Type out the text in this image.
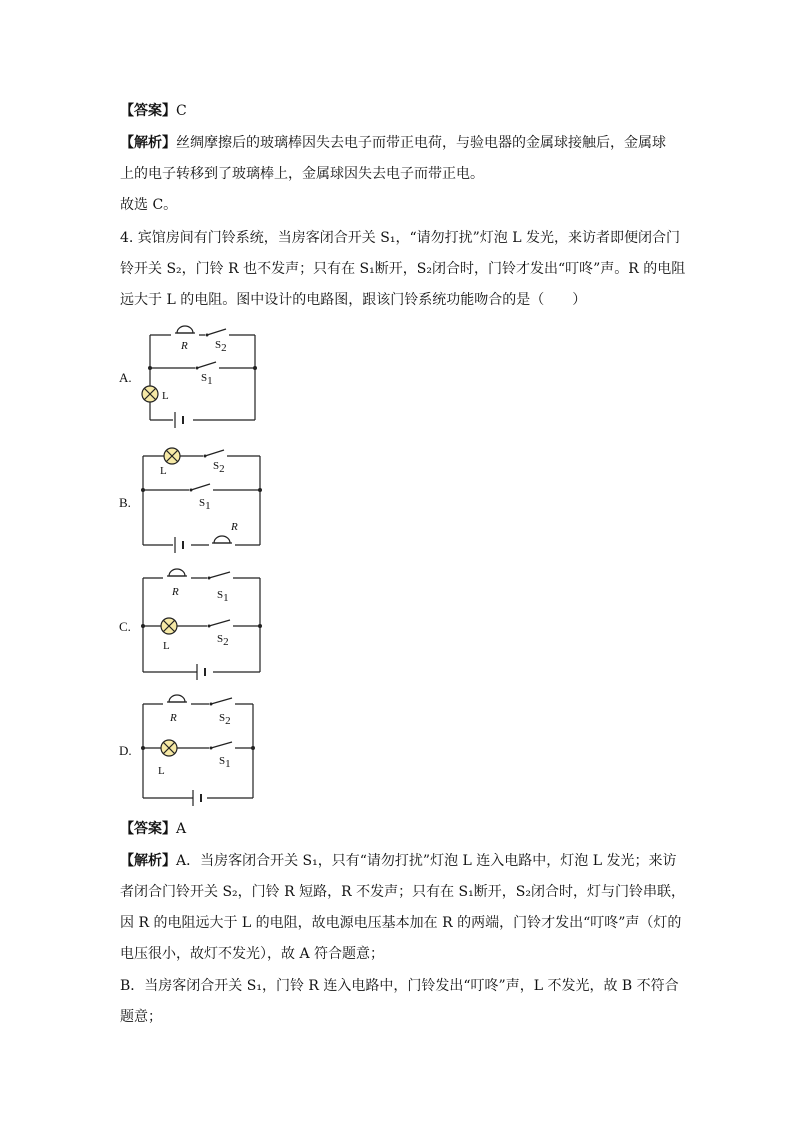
【答案】C
【解析】丝绸摩擦后的玻璃棒因失去电子而带正电荷，与验电器的金属球接触后，金属球
上的电子转移到了玻璃棒上，金属球因失去电子而带正电。
故选 C。
4. 宾馆房间有门铃系统，当房客闭合开关 S₁，“请勿打扰”灯泡 L 发光，来访者即便闭合门
铃开关 S₂，门铃 R 也不发声；只有在 S₁断开，S₂闭合时，门铃才发出“叮咚”声。R 的电阻
远大于 L 的电阻。图中设计的电路图，跟该门铃系统功能吻合的是（　　）
A.
R S2
S1
L
B.
L	S2
S1
R
C.
R	S1
L
S2
D.
R	S2
L
S1
【答案】A
【解析】A．当房客闭合开关 S₁，只有“请勿打扰”灯泡 L 连入电路中，灯泡 L 发光；来访
者闭合门铃开关 S₂，门铃 R 短路，R 不发声；只有在 S₁断开，S₂闭合时，灯与门铃串联，
因 R 的电阻远大于 L 的电阻，故电源电压基本加在 R 的两端，门铃才发出“叮咚”声（灯的
电压很小，故灯不发光），故 A 符合题意；
B．当房客闭合开关 S₁，门铃 R 连入电路中，门铃发出“叮咚”声，L 不发光，故 B 不符合
题意；
